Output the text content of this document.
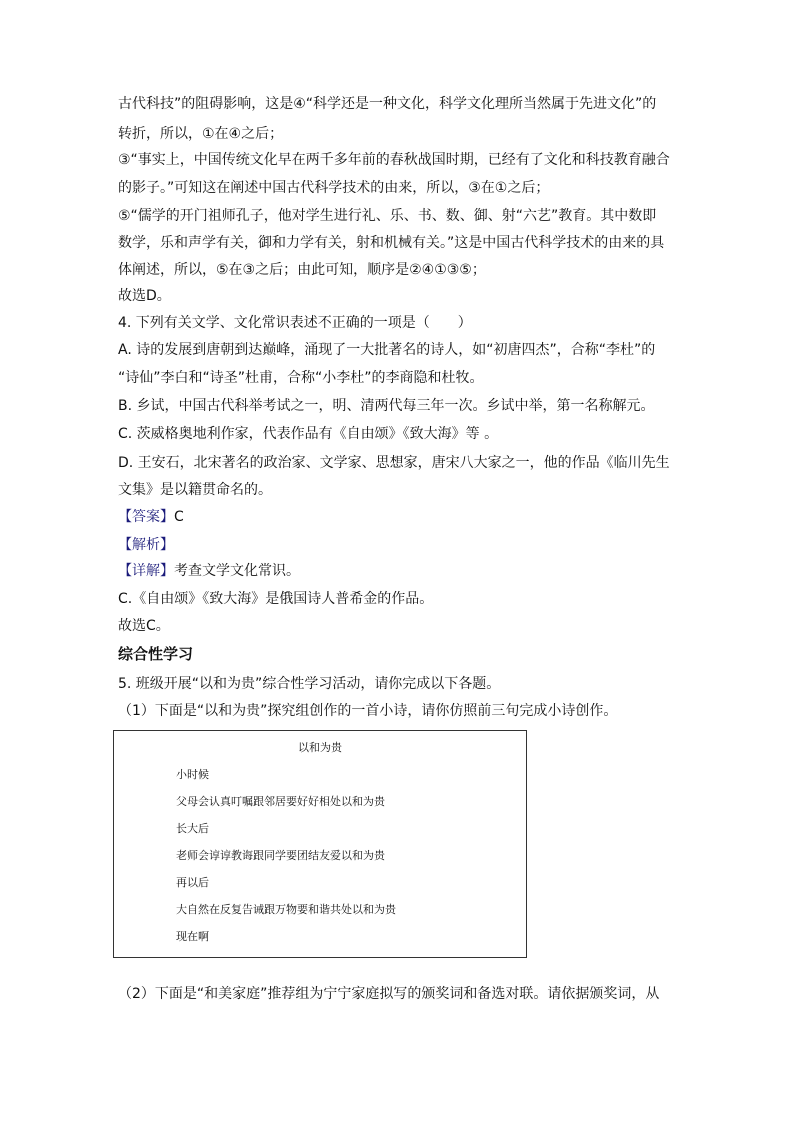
古代科技”的阻碍影响，这是④“科学还是一种文化，科学文化理所当然属于先进文化”的
转折，所以，①在④之后；
③“事实上，中国传统文化早在两千多年前的春秋战国时期，已经有了文化和科技教育融合
的影子。”可知这在阐述中国古代科学技术的由来，所以，③在①之后；
⑤“儒学的开门祖师孔子，他对学生进行礼、乐、书、数、御、射“六艺”教育。其中数即
数学，乐和声学有关，御和力学有关，射和机械有关。”这是中国古代科学技术的由来的具
体阐述，所以，⑤在③之后；由此可知，顺序是②④①③⑤；
故选D。
4. 下列有关文学、文化常识表述不正确的一项是（　　）
A. 诗的发展到唐朝到达巅峰，涌现了一大批著名的诗人，如“初唐四杰”，合称“李杜”的
“诗仙”李白和“诗圣”杜甫，合称“小李杜”的李商隐和杜牧。
B. 乡试，中国古代科举考试之一，明、清两代每三年一次。乡试中举，第一名称解元。
C. 茨威格奥地利作家，代表作品有《自由颂》《致大海》等 。
D. 王安石，北宋著名的政治家、文学家、思想家，唐宋八大家之一，他的作品《临川先生
文集》是以籍贯命名的。
【答案】C
【解析】
【详解】考查文学文化常识。
C.《自由颂》《致大海》是俄国诗人普希金的作品。
故选C。
综合性学习
5. 班级开展“以和为贵”综合性学习活动，请你完成以下各题。
（1）下面是“以和为贵”探究组创作的一首小诗，请你仿照前三句完成小诗创作。
以和为贵
小时候
父母会认真叮嘱跟邻居要好好相处以和为贵
长大后
老师会谆谆教诲跟同学要团结友爱以和为贵
再以后
大自然在反复告诫跟万物要和谐共处以和为贵
现在啊
（2）下面是“和美家庭”推荐组为宁宁家庭拟写的颁奖词和备选对联。请依据颁奖词，从
